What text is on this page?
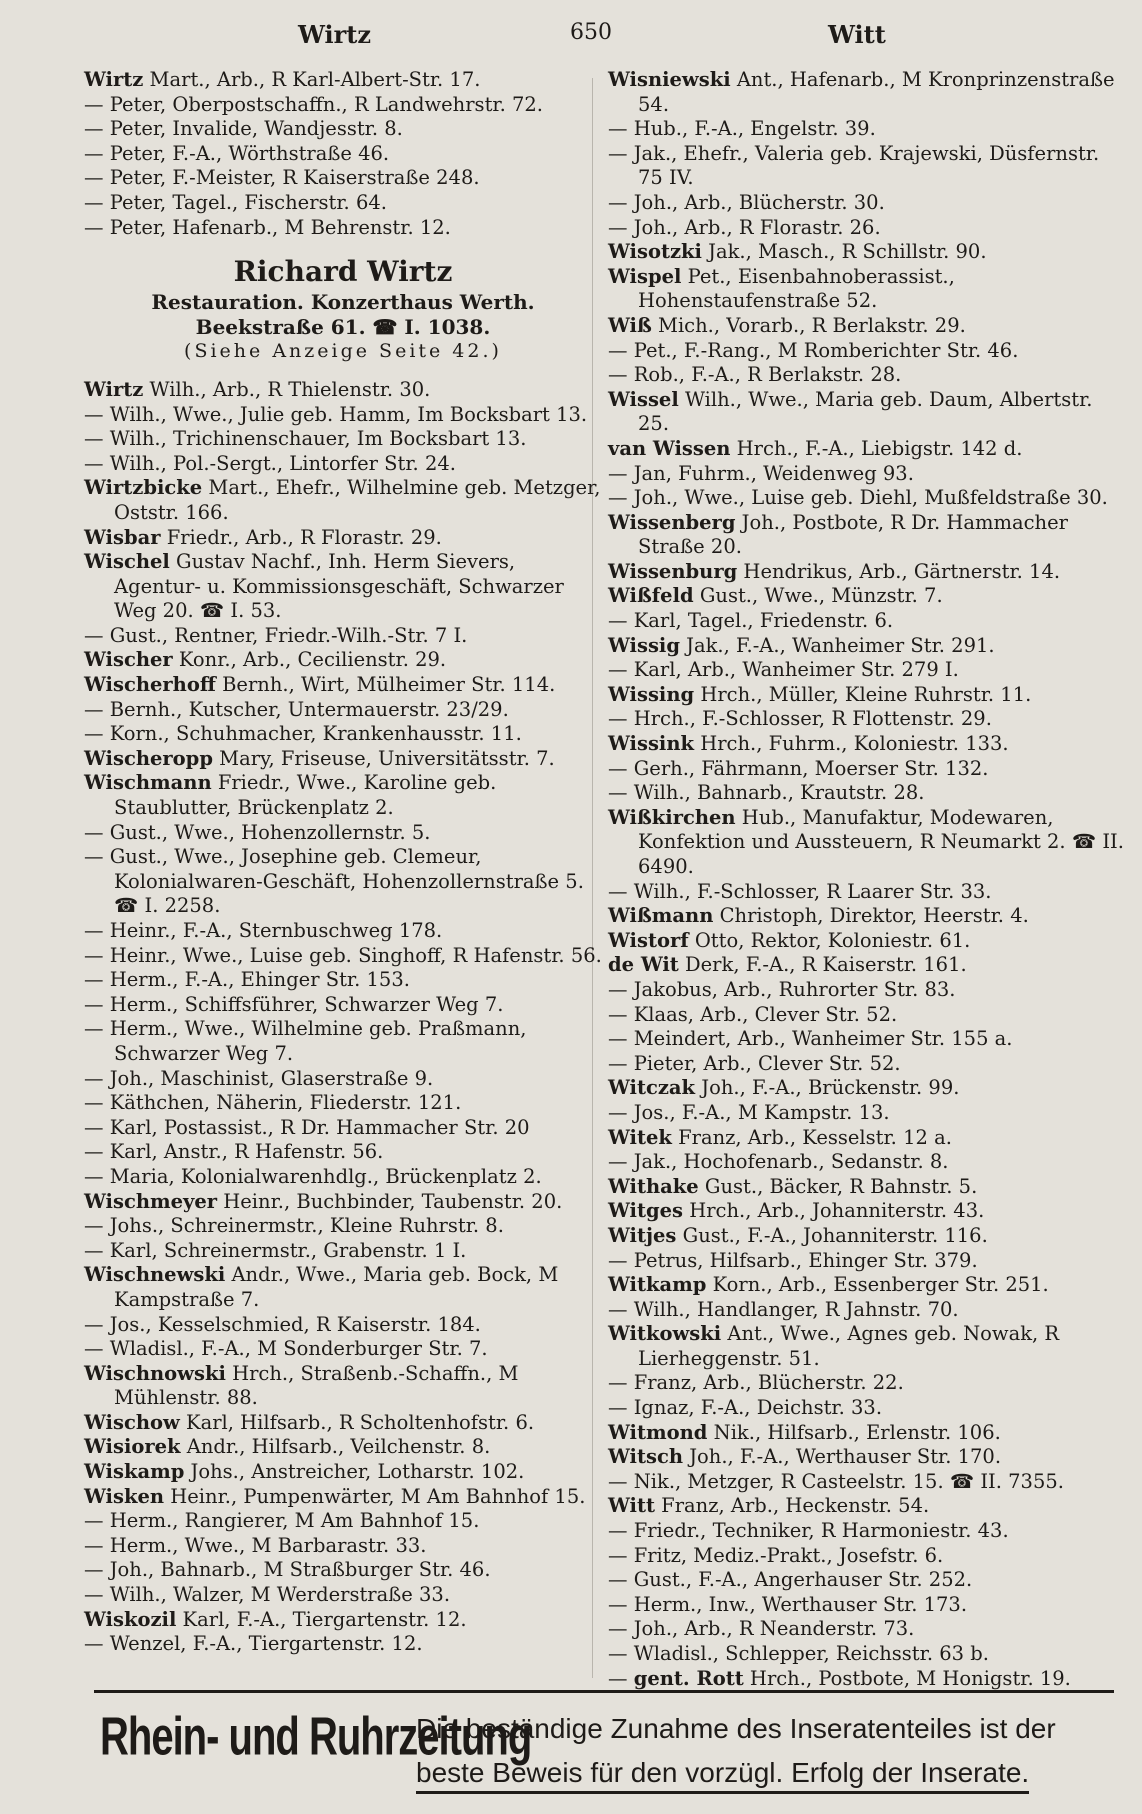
Wirtz	650	Witt

Wirtz Mart., Arb., R Karl-Albert-Str. 17.

— Peter, Oberpostschaffn., R Landwehrstr. 72.

— Peter, Invalide, Wandjesstr. 8.

— Peter, F.-A., Wörthstraße 46.

— Peter, F.-Meister, R Kaiserstraße 248.

— Peter, Tagel., Fischerstr. 64.

— Peter, Hafenarb., M Behrenstr. 12.

Richard Wirtz
Restauration. Konzerthaus Werth.
Beekstraße 61. ☎ I. 1038.
(Siehe Anzeige Seite 42.)

Wirtz Wilh., Arb., R Thielenstr. 30.

— Wilh., Wwe., Julie geb. Hamm, Im Bocksbart 13.

— Wilh., Trichinenschauer, Im Bocksbart 13.

— Wilh., Pol.-Sergt., Lintorfer Str. 24.

Wirtzbicke Mart., Ehefr., Wilhelmine geb. Metzger, Oststr. 166.

Wisbar Friedr., Arb., R Florastr. 29.

Wischel Gustav Nachf., Inh. Herm Sievers, Agentur- u. Kommissionsgeschäft, Schwarzer Weg 20. ☎ I. 53.

— Gust., Rentner, Friedr.-Wilh.-Str. 7 I.

Wischer Konr., Arb., Cecilienstr. 29.

Wischerhoff Bernh., Wirt, Mülheimer Str. 114.

— Bernh., Kutscher, Untermauerstr. 23/29.

— Korn., Schuhmacher, Krankenhausstr. 11.

Wischeropp Mary, Friseuse, Universitätsstr. 7.

Wischmann Friedr., Wwe., Karoline geb. Staublutter, Brückenplatz 2.

— Gust., Wwe., Hohenzollernstr. 5.

— Gust., Wwe., Josephine geb. Clemeur, Kolonialwaren-Geschäft, Hohenzollernstraße 5. ☎ I. 2258.

— Heinr., F.-A., Sternbuschweg 178.

— Heinr., Wwe., Luise geb. Singhoff, R Hafenstr. 56.

— Herm., F.-A., Ehinger Str. 153.

— Herm., Schiffsführer, Schwarzer Weg 7.

— Herm., Wwe., Wilhelmine geb. Praßmann, Schwarzer Weg 7.

— Joh., Maschinist, Glaserstraße 9.

— Käthchen, Näherin, Fliederstr. 121.

— Karl, Postassist., R Dr. Hammacher Str. 20

— Karl, Anstr., R Hafenstr. 56.

— Maria, Kolonialwarenhdlg., Brückenplatz 2.

Wischmeyer Heinr., Buchbinder, Taubenstr. 20.

— Johs., Schreinermstr., Kleine Ruhrstr. 8.

— Karl, Schreinermstr., Grabenstr. 1 I.

Wischnewski Andr., Wwe., Maria geb. Bock, M Kampstraße 7.

— Jos., Kesselschmied, R Kaiserstr. 184.

— Wladisl., F.-A., M Sonderburger Str. 7.

Wischnowski Hrch., Straßenb.-Schaffn., M Mühlenstr. 88.

Wischow Karl, Hilfsarb., R Scholtenhofstr. 6.

Wisiorek Andr., Hilfsarb., Veilchenstr. 8.

Wiskamp Johs., Anstreicher, Lotharstr. 102.

Wisken Heinr., Pumpenwärter, M Am Bahnhof 15.

— Herm., Rangierer, M Am Bahnhof 15.

— Herm., Wwe., M Barbarastr. 33.

— Joh., Bahnarb., M Straßburger Str. 46.

— Wilh., Walzer, M Werderstraße 33.

Wiskozil Karl, F.-A., Tiergartenstr. 12.

— Wenzel, F.-A., Tiergartenstr. 12.

Wisniewski Ant., Hafenarb., M Kronprinzenstraße 54.

— Hub., F.-A., Engelstr. 39.

— Jak., Ehefr., Valeria geb. Krajewski, Düsfernstr. 75 IV.

— Joh., Arb., Blücherstr. 30.

— Joh., Arb., R Florastr. 26.

Wisotzki Jak., Masch., R Schillstr. 90.

Wispel Pet., Eisenbahnoberassist., Hohenstaufenstraße 52.

Wiß Mich., Vorarb., R Berlakstr. 29.

— Pet., F.-Rang., M Romberichter Str. 46.

— Rob., F.-A., R Berlakstr. 28.

Wissel Wilh., Wwe., Maria geb. Daum, Albertstr. 25.

van Wissen Hrch., F.-A., Liebigstr. 142 d.

— Jan, Fuhrm., Weidenweg 93.

— Joh., Wwe., Luise geb. Diehl, Mußfeldstraße 30.

Wissenberg Joh., Postbote, R Dr. Hammacher Straße 20.

Wissenburg Hendrikus, Arb., Gärtnerstr. 14.

Wißfeld Gust., Wwe., Münzstr. 7.

— Karl, Tagel., Friedenstr. 6.

Wissig Jak., F.-A., Wanheimer Str. 291.

— Karl, Arb., Wanheimer Str. 279 I.

Wissing Hrch., Müller, Kleine Ruhrstr. 11.

— Hrch., F.-Schlosser, R Flottenstr. 29.

Wissink Hrch., Fuhrm., Koloniestr. 133.

— Gerh., Fährmann, Moerser Str. 132.

— Wilh., Bahnarb., Krautstr. 28.

Wißkirchen Hub., Manufaktur, Modewaren, Konfektion und Aussteuern, R Neumarkt 2. ☎ II. 6490.

— Wilh., F.-Schlosser, R Laarer Str. 33.

Wißmann Christoph, Direktor, Heerstr. 4.

Wistorf Otto, Rektor, Koloniestr. 61.

de Wit Derk, F.-A., R Kaiserstr. 161.

— Jakobus, Arb., Ruhrorter Str. 83.

— Klaas, Arb., Clever Str. 52.

— Meindert, Arb., Wanheimer Str. 155 a.

— Pieter, Arb., Clever Str. 52.

Witczak Joh., F.-A., Brückenstr. 99.

— Jos., F.-A., M Kampstr. 13.

Witek Franz, Arb., Kesselstr. 12 a.

— Jak., Hochofenarb., Sedanstr. 8.

Withake Gust., Bäcker, R Bahnstr. 5.

Witges Hrch., Arb., Johanniterstr. 43.

Witjes Gust., F.-A., Johanniterstr. 116.

— Petrus, Hilfsarb., Ehinger Str. 379.

Witkamp Korn., Arb., Essenberger Str. 251.

— Wilh., Handlanger, R Jahnstr. 70.

Witkowski Ant., Wwe., Agnes geb. Nowak, R Lierheggenstr. 51.

— Franz, Arb., Blücherstr. 22.

— Ignaz, F.-A., Deichstr. 33.

Witmond Nik., Hilfsarb., Erlenstr. 106.

Witsch Joh., F.-A., Werthauser Str. 170.

— Nik., Metzger, R Casteelstr. 15. ☎ II. 7355.

Witt Franz, Arb., Heckenstr. 54.

— Friedr., Techniker, R Harmoniestr. 43.

— Fritz, Mediz.-Prakt., Josefstr. 6.

— Gust., F.-A., Angerhauser Str. 252.

— Herm., Inw., Werthauser Str. 173.

— Joh., Arb., R Neanderstr. 73.

— Wladisl., Schlepper, Reichsstr. 63 b.

— gent. Rott Hrch., Postbote, M Honigstr. 19.

Rhein- und Ruhrzeitung
Die beständige Zunahme des Inseratenteiles ist der
beste Beweis für den vorzügl. Erfolg der Inserate.
